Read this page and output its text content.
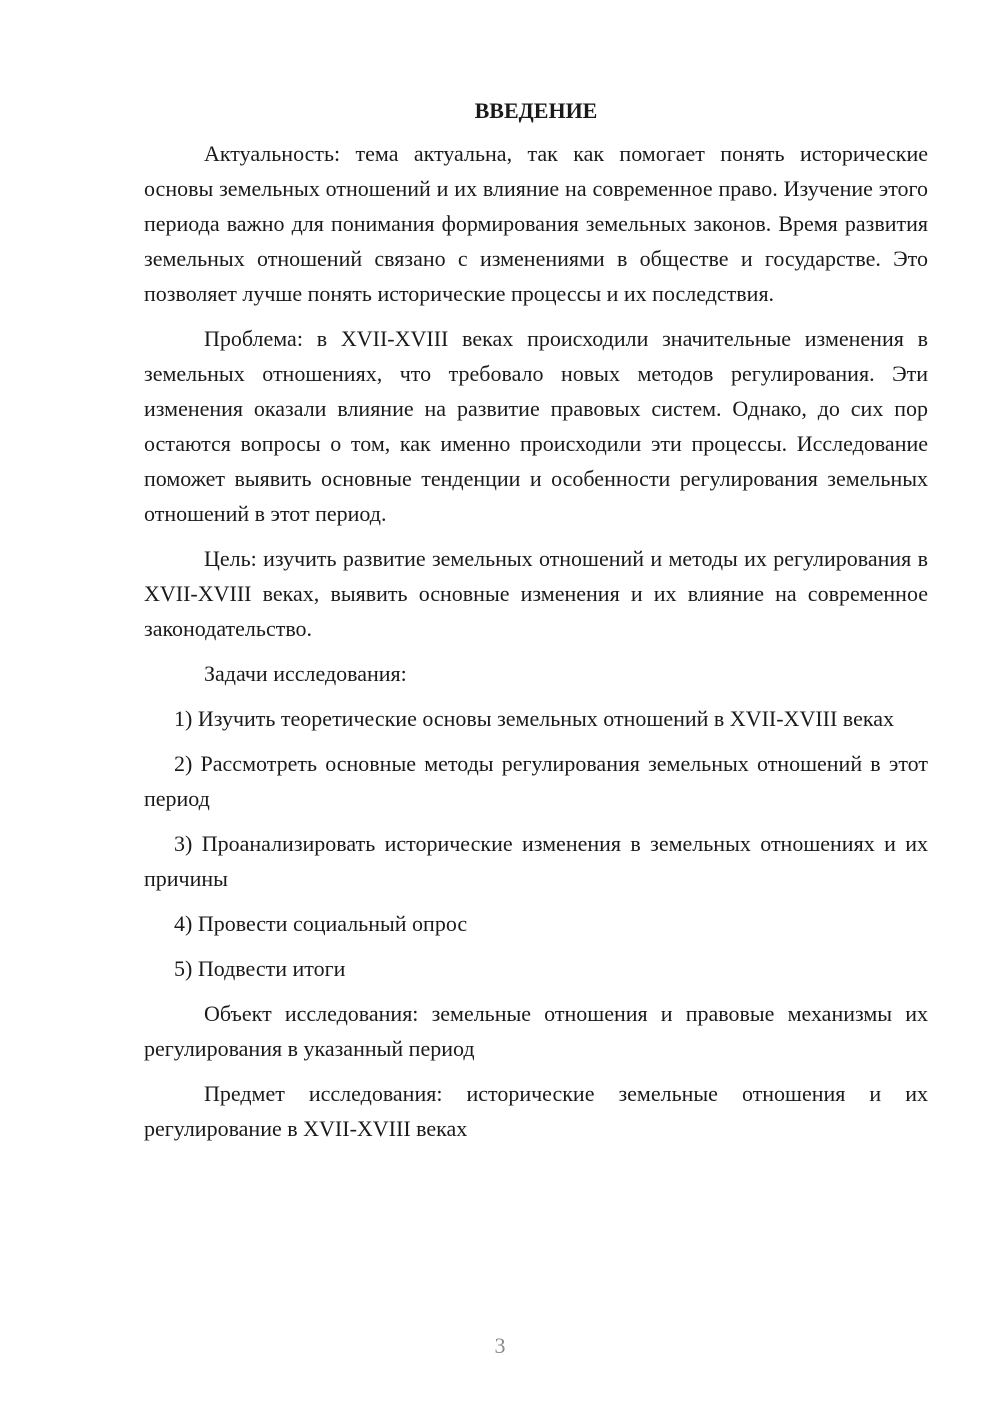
ВВЕДЕНИЕ

Актуальность: тема актуальна, так как помогает понять исторические основы земельных отношений и их влияние на современное право. Изучение этого периода важно для понимания формирования земельных законов. Время развития земельных отношений связано с изменениями в обществе и государстве. Это позволяет лучше понять исторические процессы и их последствия.

Проблема: в XVII-XVIII веках происходили значительные изменения в земельных отношениях, что требовало новых методов регулирования. Эти изменения оказали влияние на развитие правовых систем. Однако, до сих пор остаются вопросы о том, как именно происходили эти процессы. Исследование поможет выявить основные тенденции и особенности регулирования земельных отношений в этот период.

Цель: изучить развитие земельных отношений и методы их регулирования в XVII-XVIII веках, выявить основные изменения и их влияние на современное законодательство.

Задачи исследования:

1) Изучить теоретические основы земельных отношений в XVII-XVIII веках

2) Рассмотреть основные методы регулирования земельных отношений в этот период

3) Проанализировать исторические изменения в земельных отношениях и их причины

4) Провести социальный опрос

5) Подвести итоги

Объект исследования: земельные отношения и правовые механизмы их регулирования в указанный период

Предмет исследования: исторические земельные отношения и их регулирование в XVII-XVIII веках

3
